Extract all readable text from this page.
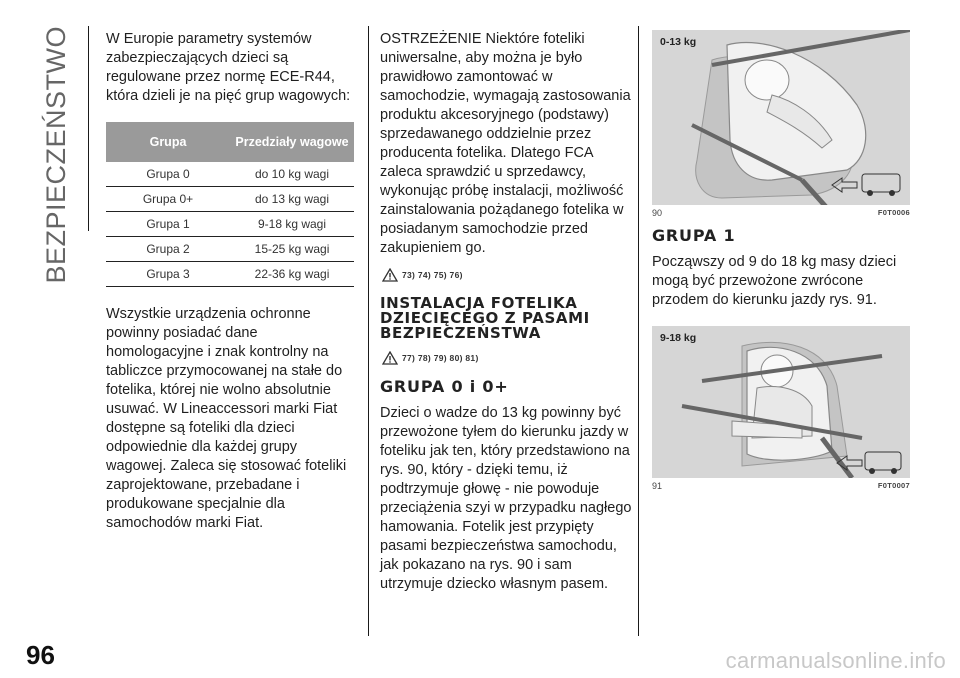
BEZPIECZEŃSTWO W Europie parametry systemów zabezpieczających dzieci są regulowane przez normę ECE-R44, która dzieli je na pięć grup wagowych:

Grupa	Przedziały wagowe
Grupa 0	do 10 kg wagi
Grupa 0+	do 13 kg wagi
Grupa 1	9-18 kg wagi
Grupa 2	15-25 kg wagi
Grupa 3	22-36 kg wagi

Wszystkie urządzenia ochronne powinny posiadać dane homologacyjne i znak kontrolny na tabliczce przymocowanej na stałe do fotelika, której nie wolno absolutnie usuwać. W Lineaccessori marki Fiat dostępne są foteliki dla dzieci odpowiednie dla każdej grupy wagowej. Zaleca się stosować foteliki zaprojektowane, przebadane i produkowane specjalnie dla samochodów marki Fiat.

OSTRZEŻENIE Niektóre foteliki uniwersalne, aby można je było prawidłowo zamontować w samochodzie, wymagają zastosowania produktu akcesoryjnego (podstawy) sprzedawanego oddzielnie przez producenta fotelika. Dlatego FCA zaleca sprawdzić u sprzedawcy, wykonując próbę instalacji, możliwość zainstalowania pożądanego fotelika w posiadanym samochodzie przed zakupieniem go.

73) 74) 75) 76)
INSTALACJA FOTELIKA DZIECIĘCEGO Z PASAMI BEZPIECZEŃSTWA
77) 78) 79) 80) 81)
GRUPA 0 i 0+

Dzieci o wadze do 13 kg powinny być przewożone tyłem do kierunku jazdy w foteliku jak ten, który przedstawiono na rys. 90, który - dzięki temu, iż podtrzymuje głowę - nie powoduje przeciążenia szyi w przypadku nagłego hamowania. Fotelik jest przypięty pasami bezpieczeństwa samochodu, jak pokazano na rys. 90 i sam utrzymuje dziecko własnym pasem.

0-13 kg
90	F0T0006
GRUPA 1

Począwszy od 9 do 18 kg masy dzieci mogą być przewożone zwrócone przodem do kierunku jazdy rys. 91.

9-18 kg
91	F0T0007
96	carmanualsonline.info
